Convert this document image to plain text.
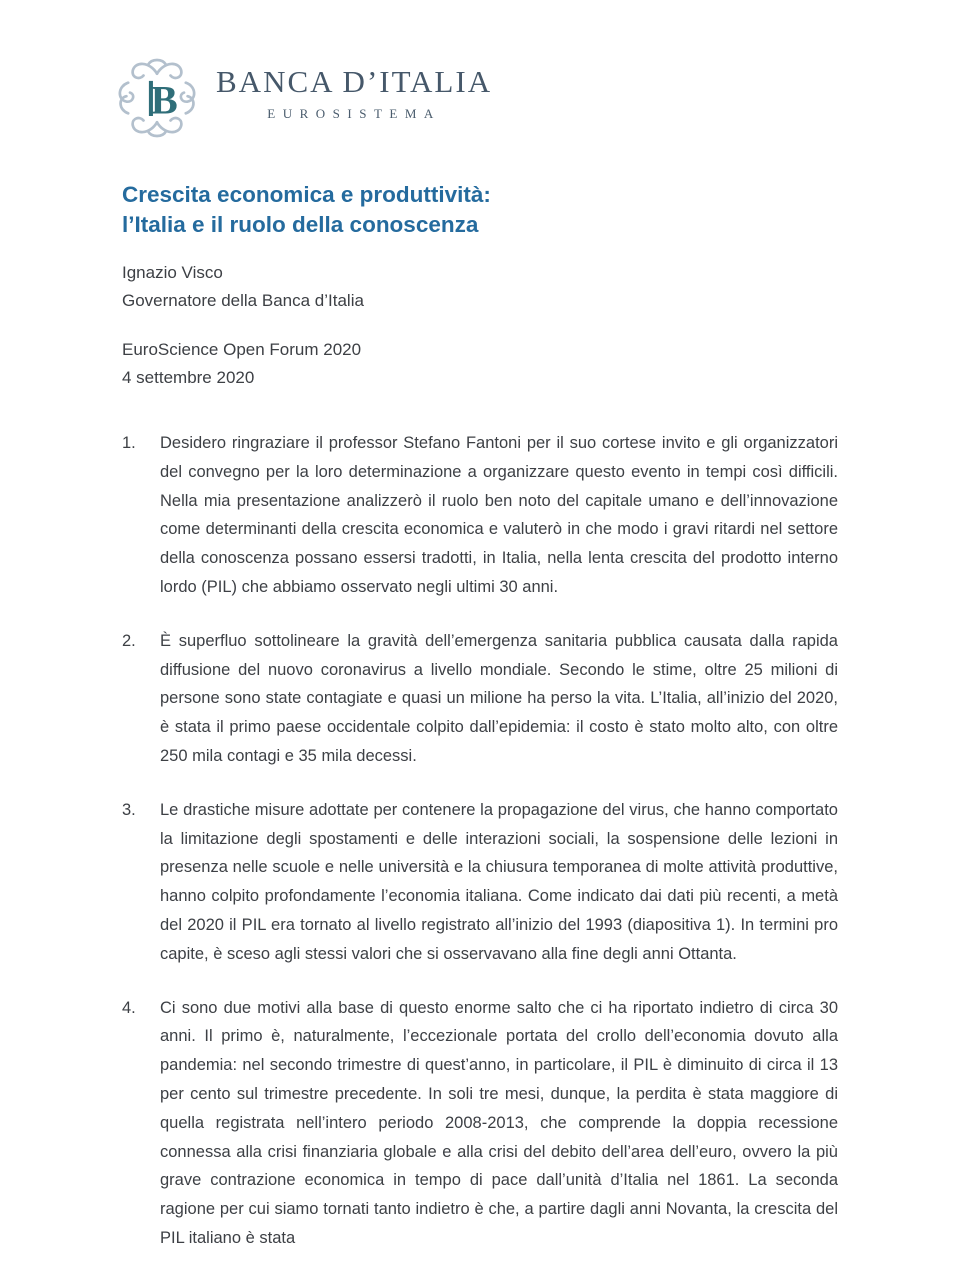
B BANCA D’ITALIA
EUROSISTEMA
Crescita economica e produttività:
l’Italia e il ruolo della conoscenza
Ignazio Visco
Governatore della Banca d’Italia
EuroScience Open Forum 2020
4 settembre 2020
1.	Desidero ringraziare il professor Stefano Fantoni per il suo cortese invito e gli organizzatori del convegno per la loro determinazione a organizzare questo evento in tempi così difficili. Nella mia presentazione analizzerò il ruolo ben noto del capitale umano e dell’innovazione come determinanti della crescita economica e valuterò in che modo i gravi ritardi nel settore della conoscenza possano essersi tradotti, in Italia, nella lenta crescita del prodotto interno lordo (PIL) che abbiamo osservato negli ultimi 30 anni.

2.	È superfluo sottolineare la gravità dell’emergenza sanitaria pubblica causata dalla rapida diffusione del nuovo coronavirus a livello mondiale. Secondo le stime, oltre 25 milioni di persone sono state contagiate e quasi un milione ha perso la vita. L’Italia, all’inizio del 2020, è stata il primo paese occidentale colpito dall’epidemia: il costo è stato molto alto, con oltre 250 mila contagi e 35 mila decessi.

3.	Le drastiche misure adottate per contenere la propagazione del virus, che hanno comportato la limitazione degli spostamenti e delle interazioni sociali, la sospensione delle lezioni in presenza nelle scuole e nelle università e la chiusura temporanea di molte attività produttive, hanno colpito profondamente l’economia italiana. Come indicato dai dati più recenti, a metà del 2020 il PIL era tornato al livello registrato all’inizio del 1993 (diapositiva 1). In termini pro capite, è sceso agli stessi valori che si osservavano alla fine degli anni Ottanta.

4.	Ci sono due motivi alla base di questo enorme salto che ci ha riportato indietro di circa 30 anni. Il primo è, naturalmente, l’eccezionale portata del crollo dell’economia dovuto alla pandemia: nel secondo trimestre di quest’anno, in particolare, il PIL è diminuito di circa il 13 per cento sul trimestre precedente. In soli tre mesi, dunque, la perdita è stata maggiore di quella registrata nell’intero periodo 2008-2013, che comprende la doppia recessione connessa alla crisi finanziaria globale e alla crisi del debito dell’area dell’euro, ovvero la più grave contrazione economica in tempo di pace dall’unità d’Italia nel 1861. La seconda ragione per cui siamo tornati tanto indietro è che, a partire dagli anni Novanta, la crescita del PIL italiano è stata
